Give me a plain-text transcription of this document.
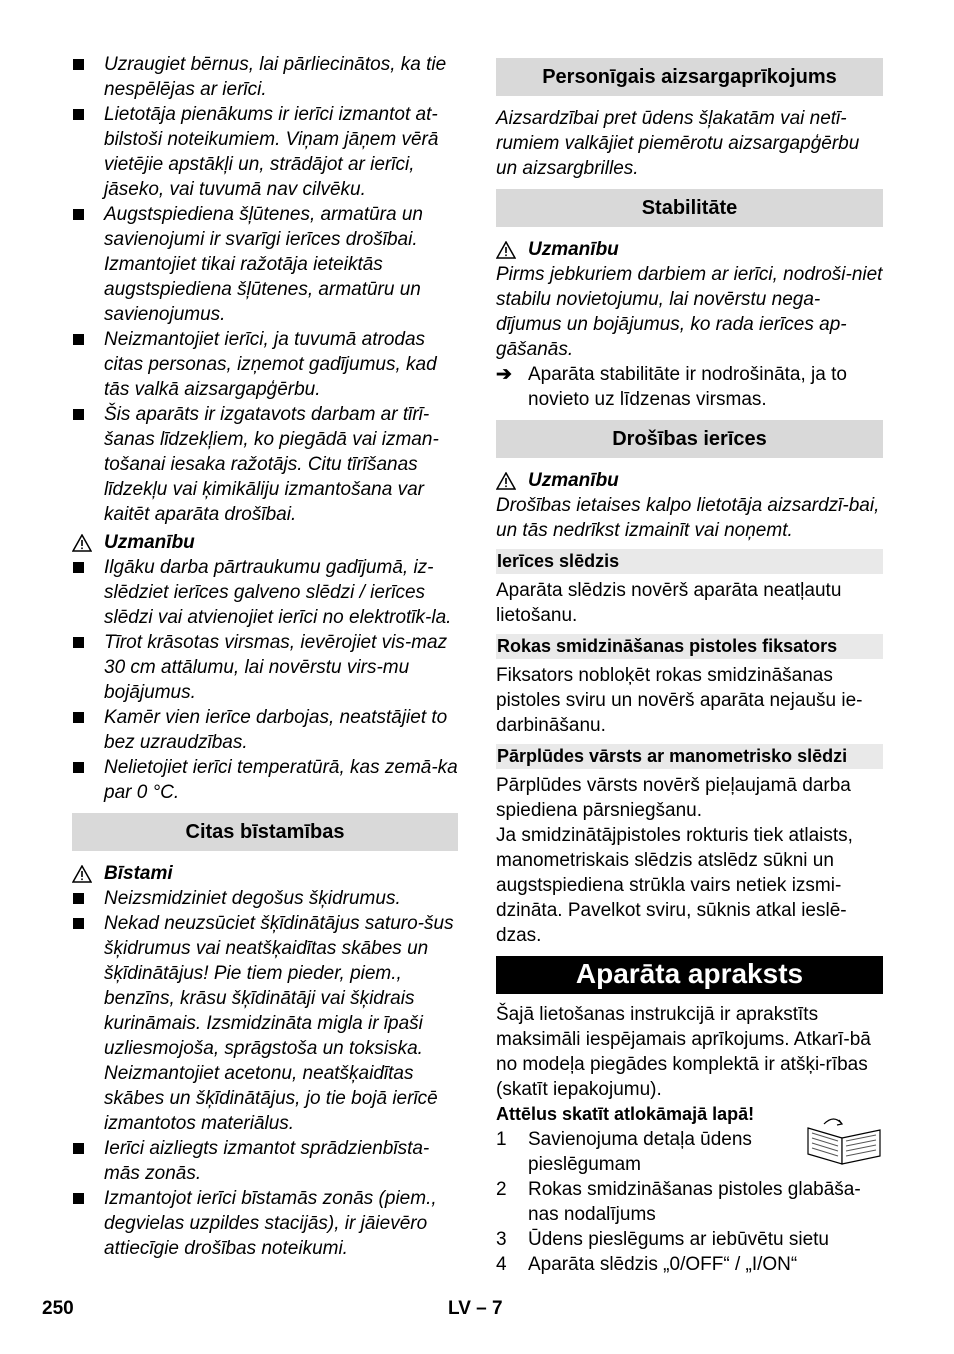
Uzraugiet bērnus, lai pārliecinātos, ka tie nespēlējas ar ierīci.
Lietotāja pienākums ir ierīci izmantot at-bilstoši noteikumiem. Viņam jāņem vērā vietējie apstākļi un, strādājot ar ierīci, jāseko, vai tuvumā nav cilvēku.
Augstspiediena šļūtenes, armatūra un savienojumi ir svarīgi ierīces drošībai. Izmantojiet tikai ražotāja ieteiktās augstspiediena šļūtenes, armatūru un savienojumus.
Neizmantojiet ierīci, ja tuvumā atrodas citas personas, izņemot gadījumus, kad tās valkā aizsargapģērbu.
Šis aparāts ir izgatavots darbam ar tīrī-šanas līdzekļiem, ko piegādā vai izman-tošanai iesaka ražotājs. Citu tīrīšanas līdzekļu vai ķimikāliju izmantošana var kaitēt aparāta drošībai.
Uzmanību
Ilgāku darba pārtraukumu gadījumā, iz-slēdziet ierīces galveno slēdzi / ierīces slēdzi vai atvienojiet ierīci no elektrotīk-la.
Tīrot krāsotas virsmas, ievērojiet vis-maz 30 cm attālumu, lai novērstu virs-mu bojājumus.
Kamēr vien ierīce darbojas, neatstājiet to bez uzraudzības.
Nelietojiet ierīci temperatūrā, kas zemā-ka par 0 °C.
Citas bīstamības
Bīstami
Neizsmidziniet degošus šķidrumus.
Nekad neuzsūciet šķīdinātājus saturo-šus šķidrumus vai neatšķaidītas skābes un šķīdinātājus! Pie tiem pieder, piem., benzīns, krāsu šķīdinātāji vai šķidrais kurināmais. Izsmidzināta migla ir īpaši uzliesmojoša, sprāgstoša un toksiska. Neizmantojiet acetonu, neatšķaidītas skābes un šķīdinātājus, jo tie bojā ierīcē izmantotos materiālus.
Ierīci aizliegts izmantot sprādzienbīsta-mās zonās.
Izmantojot ierīci bīstamās zonās (piem., degvielas uzpildes stacijās), ir jāievēro attiecīgie drošības noteikumi.
Personīgais aizsargaprīkojums

Aizsardzībai pret ūdens šļakatām vai netī-rumiem valkājiet piemērotu aizsargapģērbu un aizsargbrilles.

Stabilitāte
Uzmanību

Pirms jebkuriem darbiem ar ierīci, nodroši-niet stabilu novietojumu, lai novērstu nega-dījumus un bojājumus, ko rada ierīces ap-gāšanās.

➔ Aparāta stabilitāte ir nodrošināta, ja to novieto uz līdzenas virsmas.
Drošības ierīces
Uzmanību

Drošības ietaises kalpo lietotāja aizsardzī-bai, un tās nedrīkst izmainīt vai noņemt.

Ierīces slēdzis

Aparāta slēdzis novērš aparāta neatļautu lietošanu.

Rokas smidzināšanas pistoles fiksators

Fiksators nobloķēt rokas smidzināšanas pistoles sviru un novērš aparāta nejaušu ie-darbināšanu.

Pārplūdes vārsts ar manometrisko slēdzi

Pārplūdes vārsts novērš pieļaujamā darba spiediena pārsniegšanu.

Ja smidzinātājpistoles rokturis tiek atlaists, manometriskais slēdzis atslēdz sūkni un augstspiediena strūkla vairs netiek izsmi-dzināta. Pavelkot sviru, sūknis atkal ieslē-dzas.

Aparāta apraksts

Šajā lietošanas instrukcijā ir aprakstīts maksimāli iespējamais aprīkojums. Atkarī-bā no modeļa piegādes komplektā ir atšķi-rības (skatīt iepakojumu).

Attēlus skatīt atlokāmajā lapā!
1	Savienojuma detaļa ūdens pieslēgumam
2	Rokas smidzināšanas pistoles glabāša-nas nodalījums
3	Ūdens pieslēgums ar iebūvētu sietu
4	Aparāta slēdzis „0/OFF“ / „I/ON“
250	LV – 7
